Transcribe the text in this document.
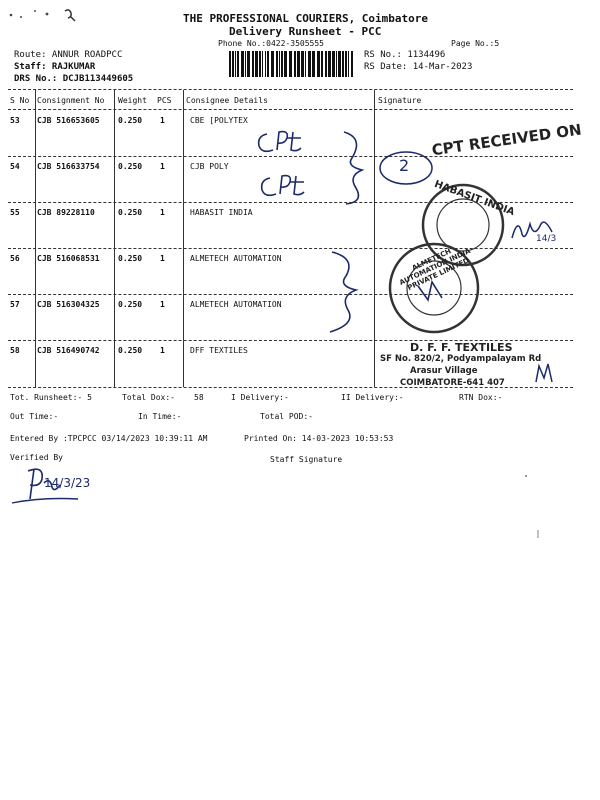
THE PROFESSIONAL COURIERS, Coimbatore
Delivery Runsheet - PCC
Phone No.:0422-3505555	Page No.:5
Route: ANNUR ROADPCC
Staff: RAJKUMAR
DRS No.: DCJB113449605
RS No.: 1134496
RS Date: 14-Mar-2023
S No Consignment No Weight PCS Consignee Details	Signature
53 CJB 516653605 0.250 1	CBE [POLYTEX
54 CJB 516633754 0.250 1	CJB POLY
55 CJB 89228110	0.250 1	HABASIT INDIA
56 CJB 516068531 0.250 1	ALMETECH AUTOMATION
57 CJB 516304325 0.250 1	ALMETECH AUTOMATION
58 CJB 516490742 0.250 1	DFF TEXTILES
CPT RECEIVED ON
2
HABASIT INDIA
ALMETECH AUTOMATION INDIA PRIVATE LIMITED
14/3
D. F. F. TEXTILES
SF No. 820/2, Podyampalayam Rd
Arasur Village
COIMBATORE-641 407
Tot. Runsheet:- 5	Total Dox:- 58	I Delivery:-	II Delivery:-	RTN Dox:-
Out Time:-	In Time:-	Total POD:-
Entered By :TPCPCC 03/14/2023 10:39:11 AM	Printed On: 14-03-2023 10:53:53
Verified By	Staff Signature
14/3/23
